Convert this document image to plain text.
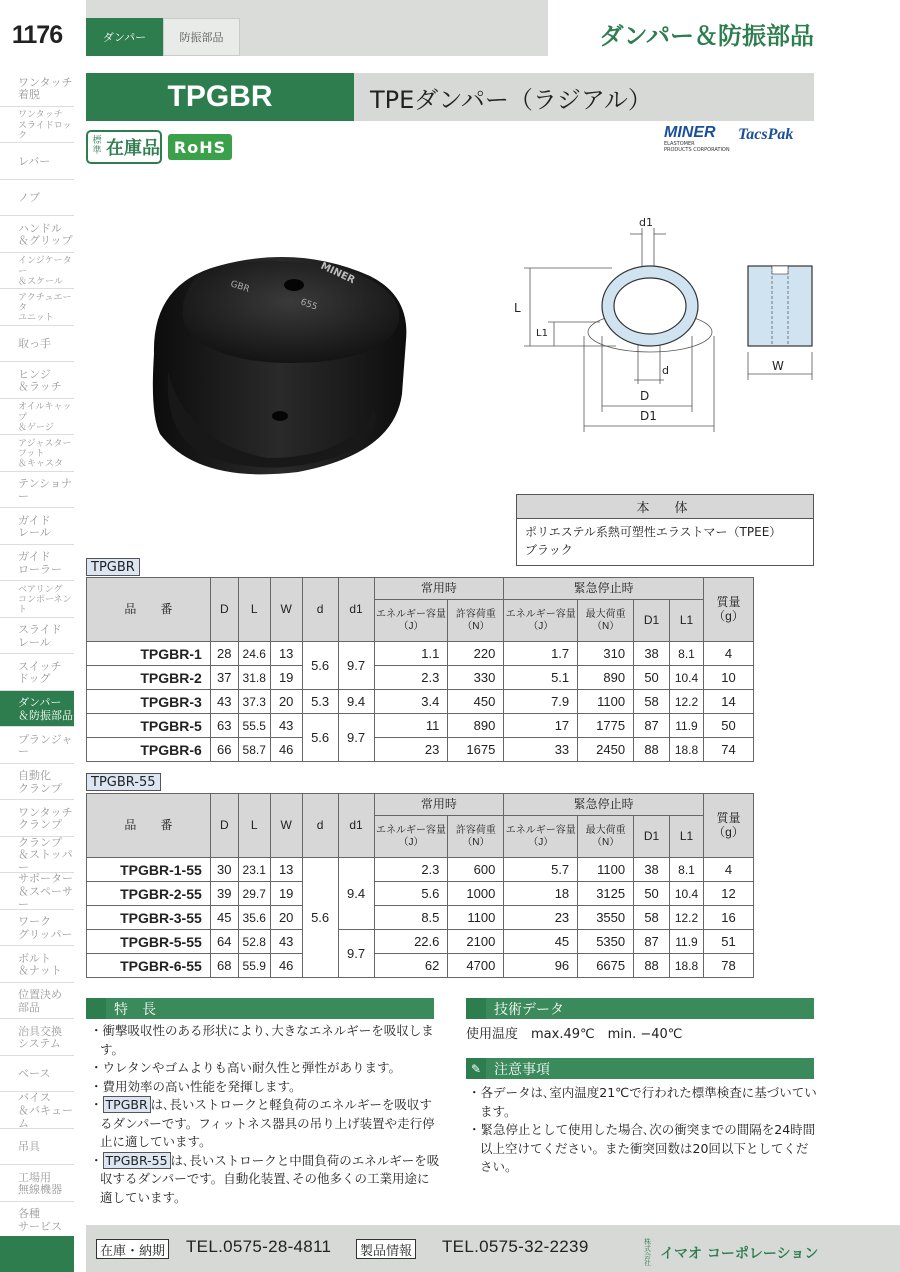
1176	ダンパー	防振部品	ダンパー＆防振部品
ワンタッチ
着脱
ワンタッチ
スライドロック
レバー
ノブ
ハンドル
＆グリップ
インジケーター
＆スケール
アクチュエータ
ユニット
取っ手
ヒンジ
＆ラッチ
オイルキャップ
＆ゲージ
アジャスター フット
＆キャスタ
テンショナー
ガイド
レール
ガイド
ローラー
ベアリング
コンポーネント
スライド
レール
スイッチ
ドッグ
ダンパー
＆防振部品
プランジャー
自動化
クランプ
ワンタッチ
クランプ
クランプ
＆ストッパー
サポーター
＆スペーサー
ワーク
グリッパー
ボルト
＆ナット
位置決め
部品
治具交換
システム
ベース
バイス
＆バキューム
吊具
工場用
無線機器
各種
サービス
TPGBR	TPEダンパー（ラジアル）
標準 在庫品 RoHS
MINER
ELASTOMER
PRODUCTS CORPORATION
TacsPak
GBR
655
MINER
d1
L
L1
d
D
D1
W
本　体
ポリエステル系熱可塑性エラストマー（TPEE）
ブラック
TPGBR
品　　番	D	L	W	d	d1	常用時		緊急停止時				質量
（g）
						エネルギー容量
（J）	許容荷重
（N）	エネルギー容量
（J）	最大荷重
（N）	D1	L1	
TPGBR-1	28	24.6	13	5.6	9.7	1.1	220	1.7	310	38	8.1	4
TPGBR-2	37	31.8	19			2.3	330	5.1	890	50	10.4	10
TPGBR-3	43	37.3	20	5.3	9.4	3.4	450	7.9	1100	58	12.2	14
TPGBR-5	63	55.5	43	5.6	9.7	11	890	17	1775	87	11.9	50
TPGBR-6	66	58.7	46			23	1675	33	2450	88	18.8	74
TPGBR-55
品　　番	D	L	W	d	d1	常用時		緊急停止時				質量
（g）
						エネルギー容量
（J）	許容荷重
（N）	エネルギー容量
（J）	最大荷重
（N）	D1	L1	
TPGBR-1-55	30	23.1	13	5.6	9.4	2.3	600	5.7	1100	38	8.1	4
TPGBR-2-55	39	29.7	19			5.6	1000	18	3125	50	10.4	12
TPGBR-3-55	45	35.6	20			8.5	1100	23	3550	58	12.2	16
TPGBR-5-55	64	52.8	43		9.7	22.6	2100	45	5350	87	11.9	51
TPGBR-6-55	68	55.9	46			62	4700	96	6675	88	18.8	78
特　長
・衝撃吸収性のある形状により､大きなエネルギーを吸収します。
・ウレタンやゴムよりも高い耐久性と弾性があります。
・費用効率の高い性能を発揮します。
・ TPGBR は､長いストロークと軽負荷のエネルギーを吸収するダンパーです。フィットネス器具の吊り上げ装置や走行停止に適しています。
・ TPGBR-55 は､長いストロークと中間負荷のエネルギーを吸収するダンパーです。自動化装置､その他多くの工業用途に適しています。
技術データ
使用温度　max.49℃　min. −40℃
✎ 注意事項
・各データは､室内温度21℃で行われた標準検査に基づいています。
・緊急停止として使用した場合､次の衝突までの間隔を24時間以上空けてください。また衝突回数は20回以下としてください。
在庫・納期 TEL.0575-28-4811	製品情報 TEL.0575-32-2239	株式会社
イマオ コーポレーション
